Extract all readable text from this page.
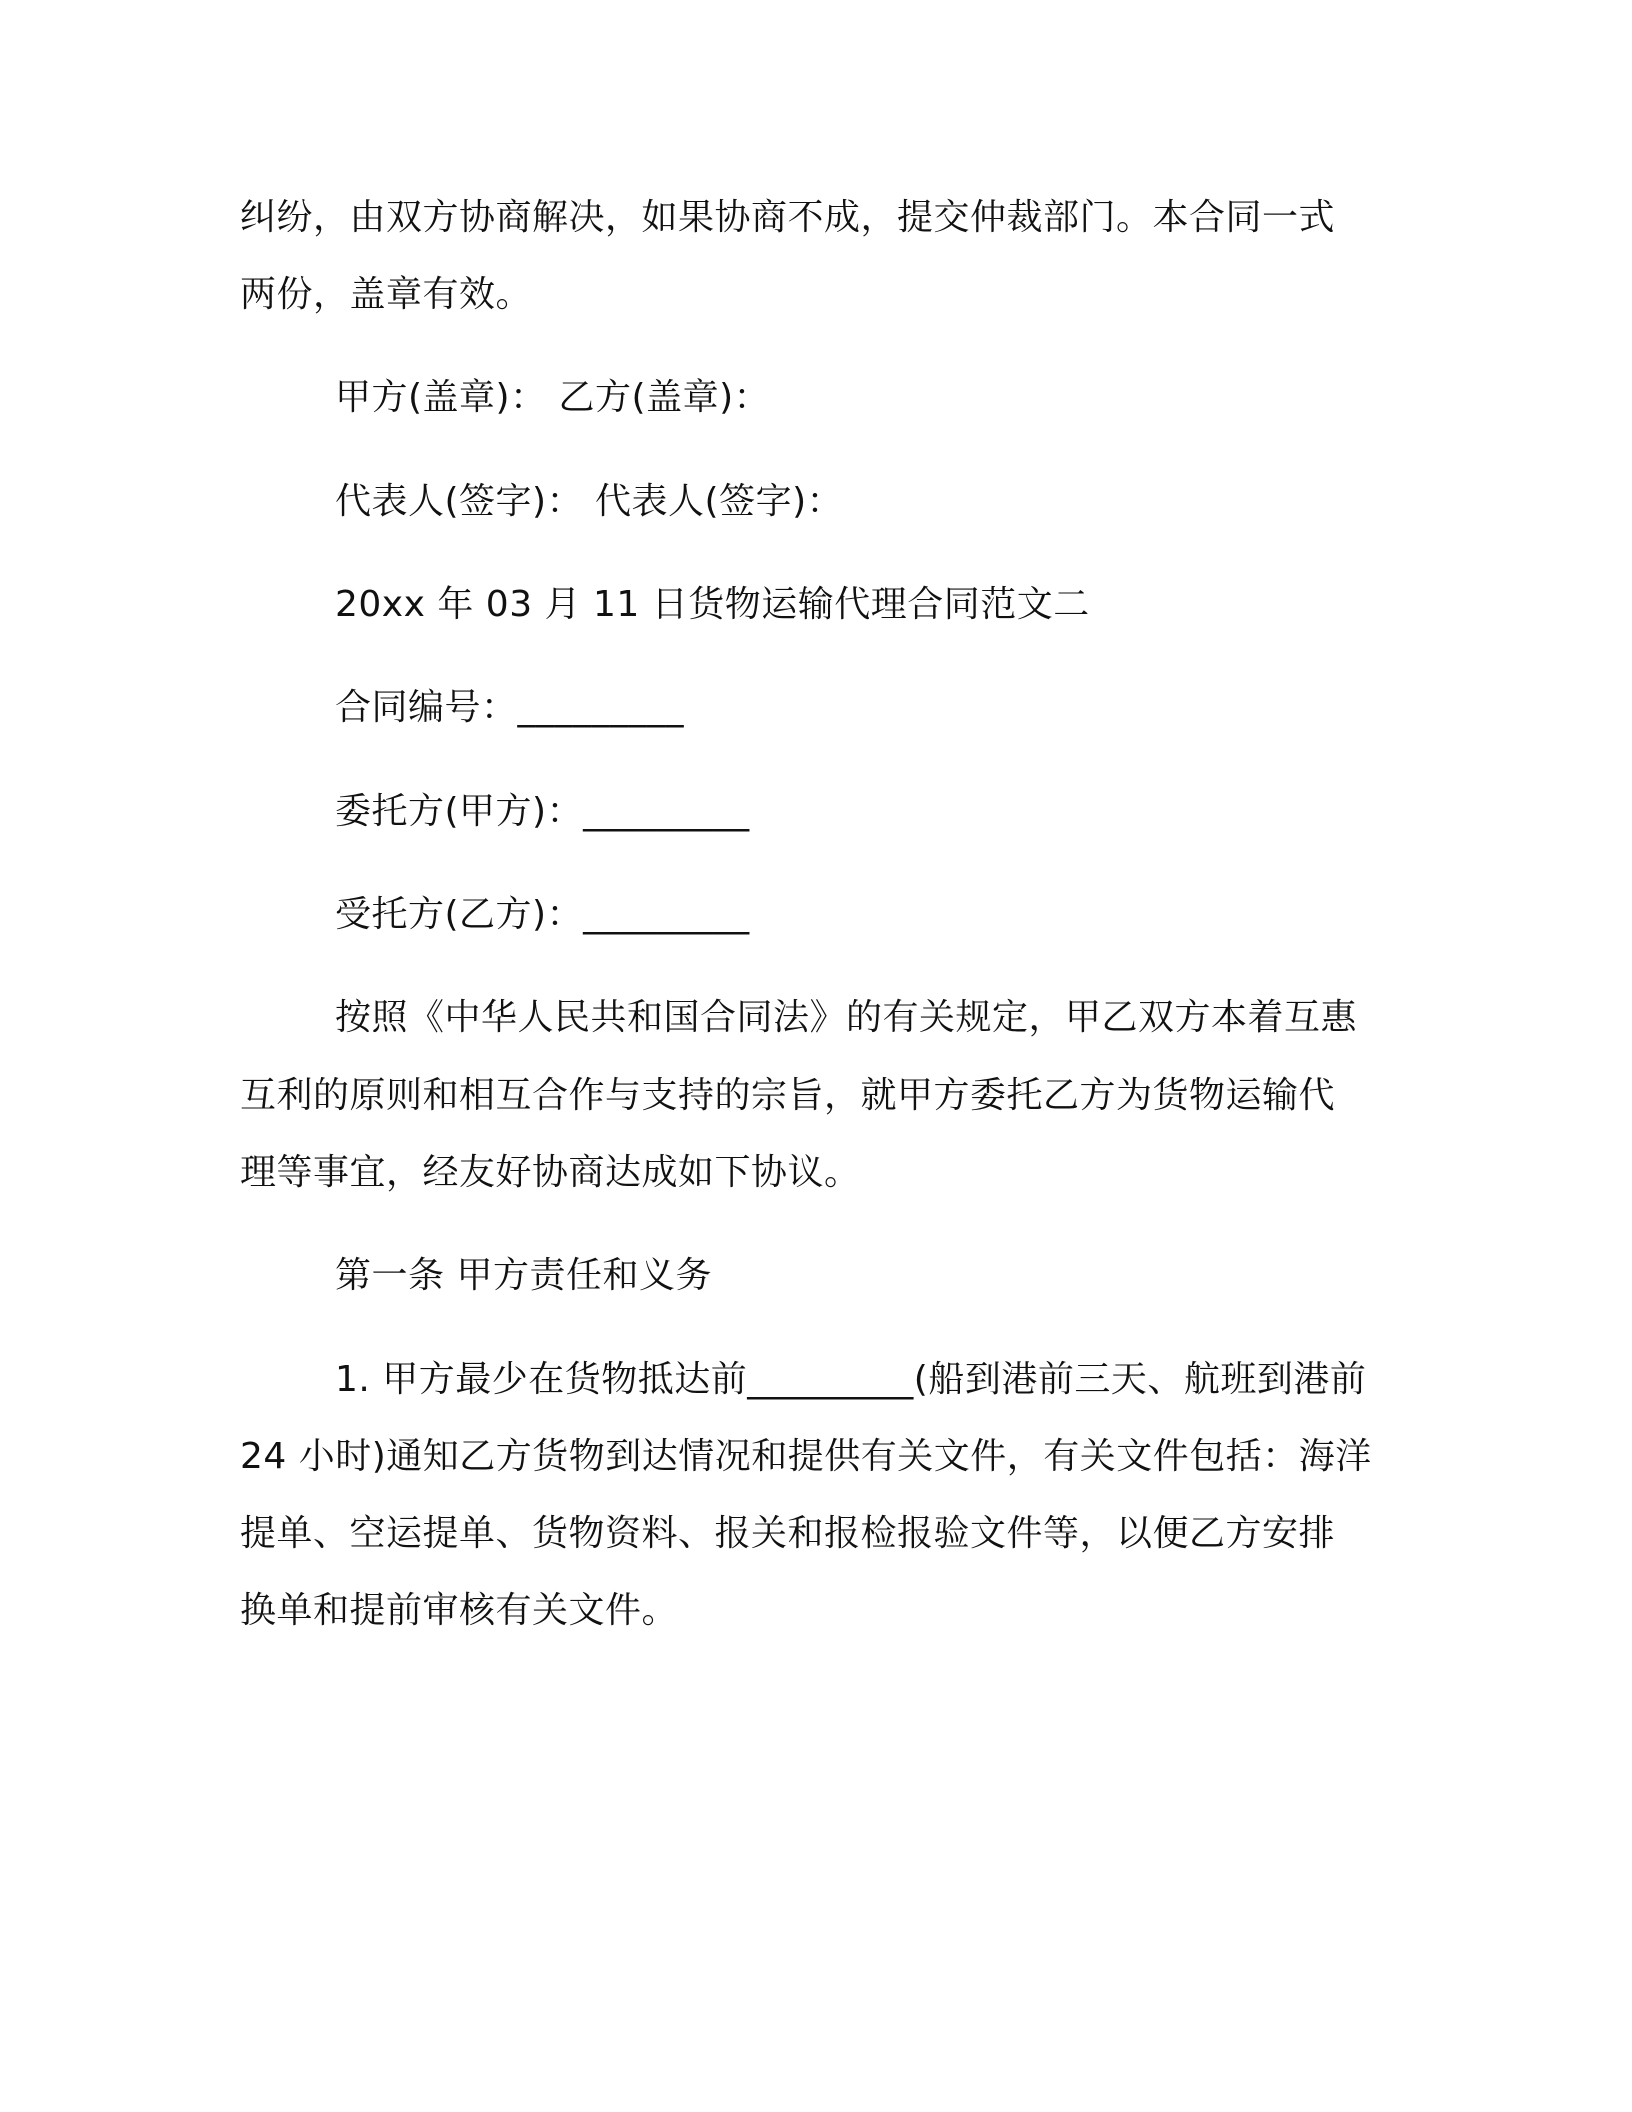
纠纷，由双方协商解决，如果协商不成，提交仲裁部门。本合同一式
两份，盖章有效。
甲方(盖章)： 乙方(盖章)：
代表人(签字)： 代表人(签字)：
20xx 年 03 月 11 日货物运输代理合同范文二
合同编号：_________
委托方(甲方)：_________
受托方(乙方)：_________
按照《中华人民共和国合同法》的有关规定，甲乙双方本着互惠
互利的原则和相互合作与支持的宗旨，就甲方委托乙方为货物运输代
理等事宜，经友好协商达成如下协议。
第一条 甲方责任和义务
1. 甲方最少在货物抵达前_________(船到港前三天、航班到港前
24 小时)通知乙方货物到达情况和提供有关文件，有关文件包括：海洋
提单、空运提单、货物资料、报关和报检报验文件等，以便乙方安排
换单和提前审核有关文件。
